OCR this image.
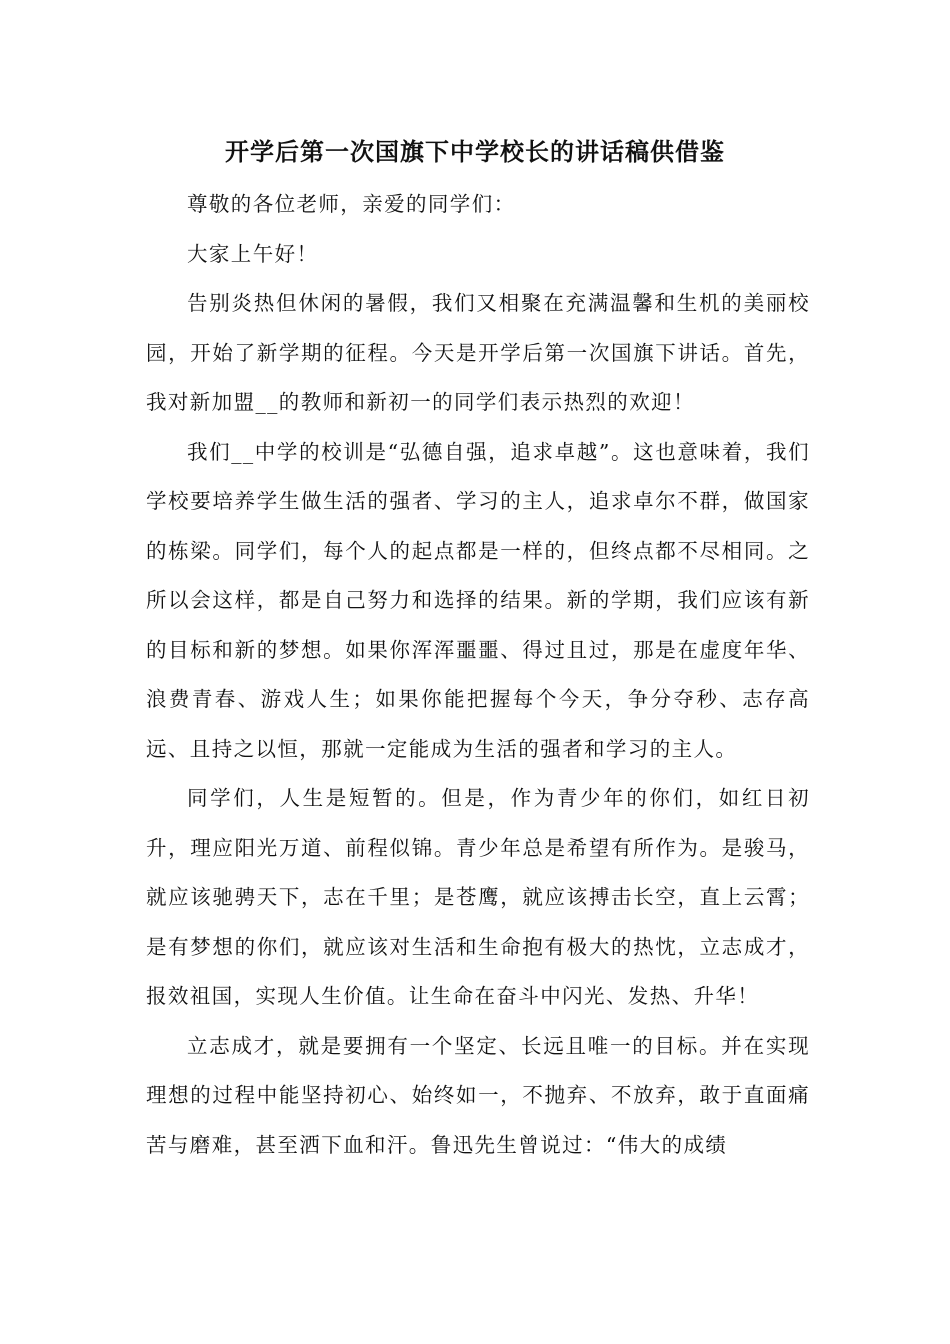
开学后第一次国旗下中学校长的讲话稿供借鉴

尊敬的各位老师，亲爱的同学们：

大家上午好！

告别炎热但休闲的暑假，我们又相聚在充满温馨和生机的美丽校园，开始了新学期的征程。今天是开学后第一次国旗下讲话。首先，我对新加盟__的教师和新初一的同学们表示热烈的欢迎！

我们__中学的校训是“弘德自强，追求卓越”。这也意味着，我们学校要培养学生做生活的强者、学习的主人，追求卓尔不群，做国家的栋梁。同学们，每个人的起点都是一样的，但终点都不尽相同。之所以会这样，都是自己努力和选择的结果。新的学期，我们应该有新的目标和新的梦想。如果你浑浑噩噩、得过且过，那是在虚度年华、浪费青春、游戏人生；如果你能把握每个今天，争分夺秒、志存高远、且持之以恒，那就一定能成为生活的强者和学习的主人。

同学们，人生是短暂的。但是，作为青少年的你们，如红日初升，理应阳光万道、前程似锦。青少年总是希望有所作为。是骏马，就应该驰骋天下，志在千里；是苍鹰，就应该搏击长空，直上云霄；是有梦想的你们，就应该对生活和生命抱有极大的热忱，立志成才，报效祖国，实现人生价值。让生命在奋斗中闪光、发热、升华！

立志成才，就是要拥有一个坚定、长远且唯一的目标。并在实现理想的过程中能坚持初心、始终如一，不抛弃、不放弃，敢于直面痛苦与磨难，甚至洒下血和汗。鲁迅先生曾说过：“伟大的成绩
